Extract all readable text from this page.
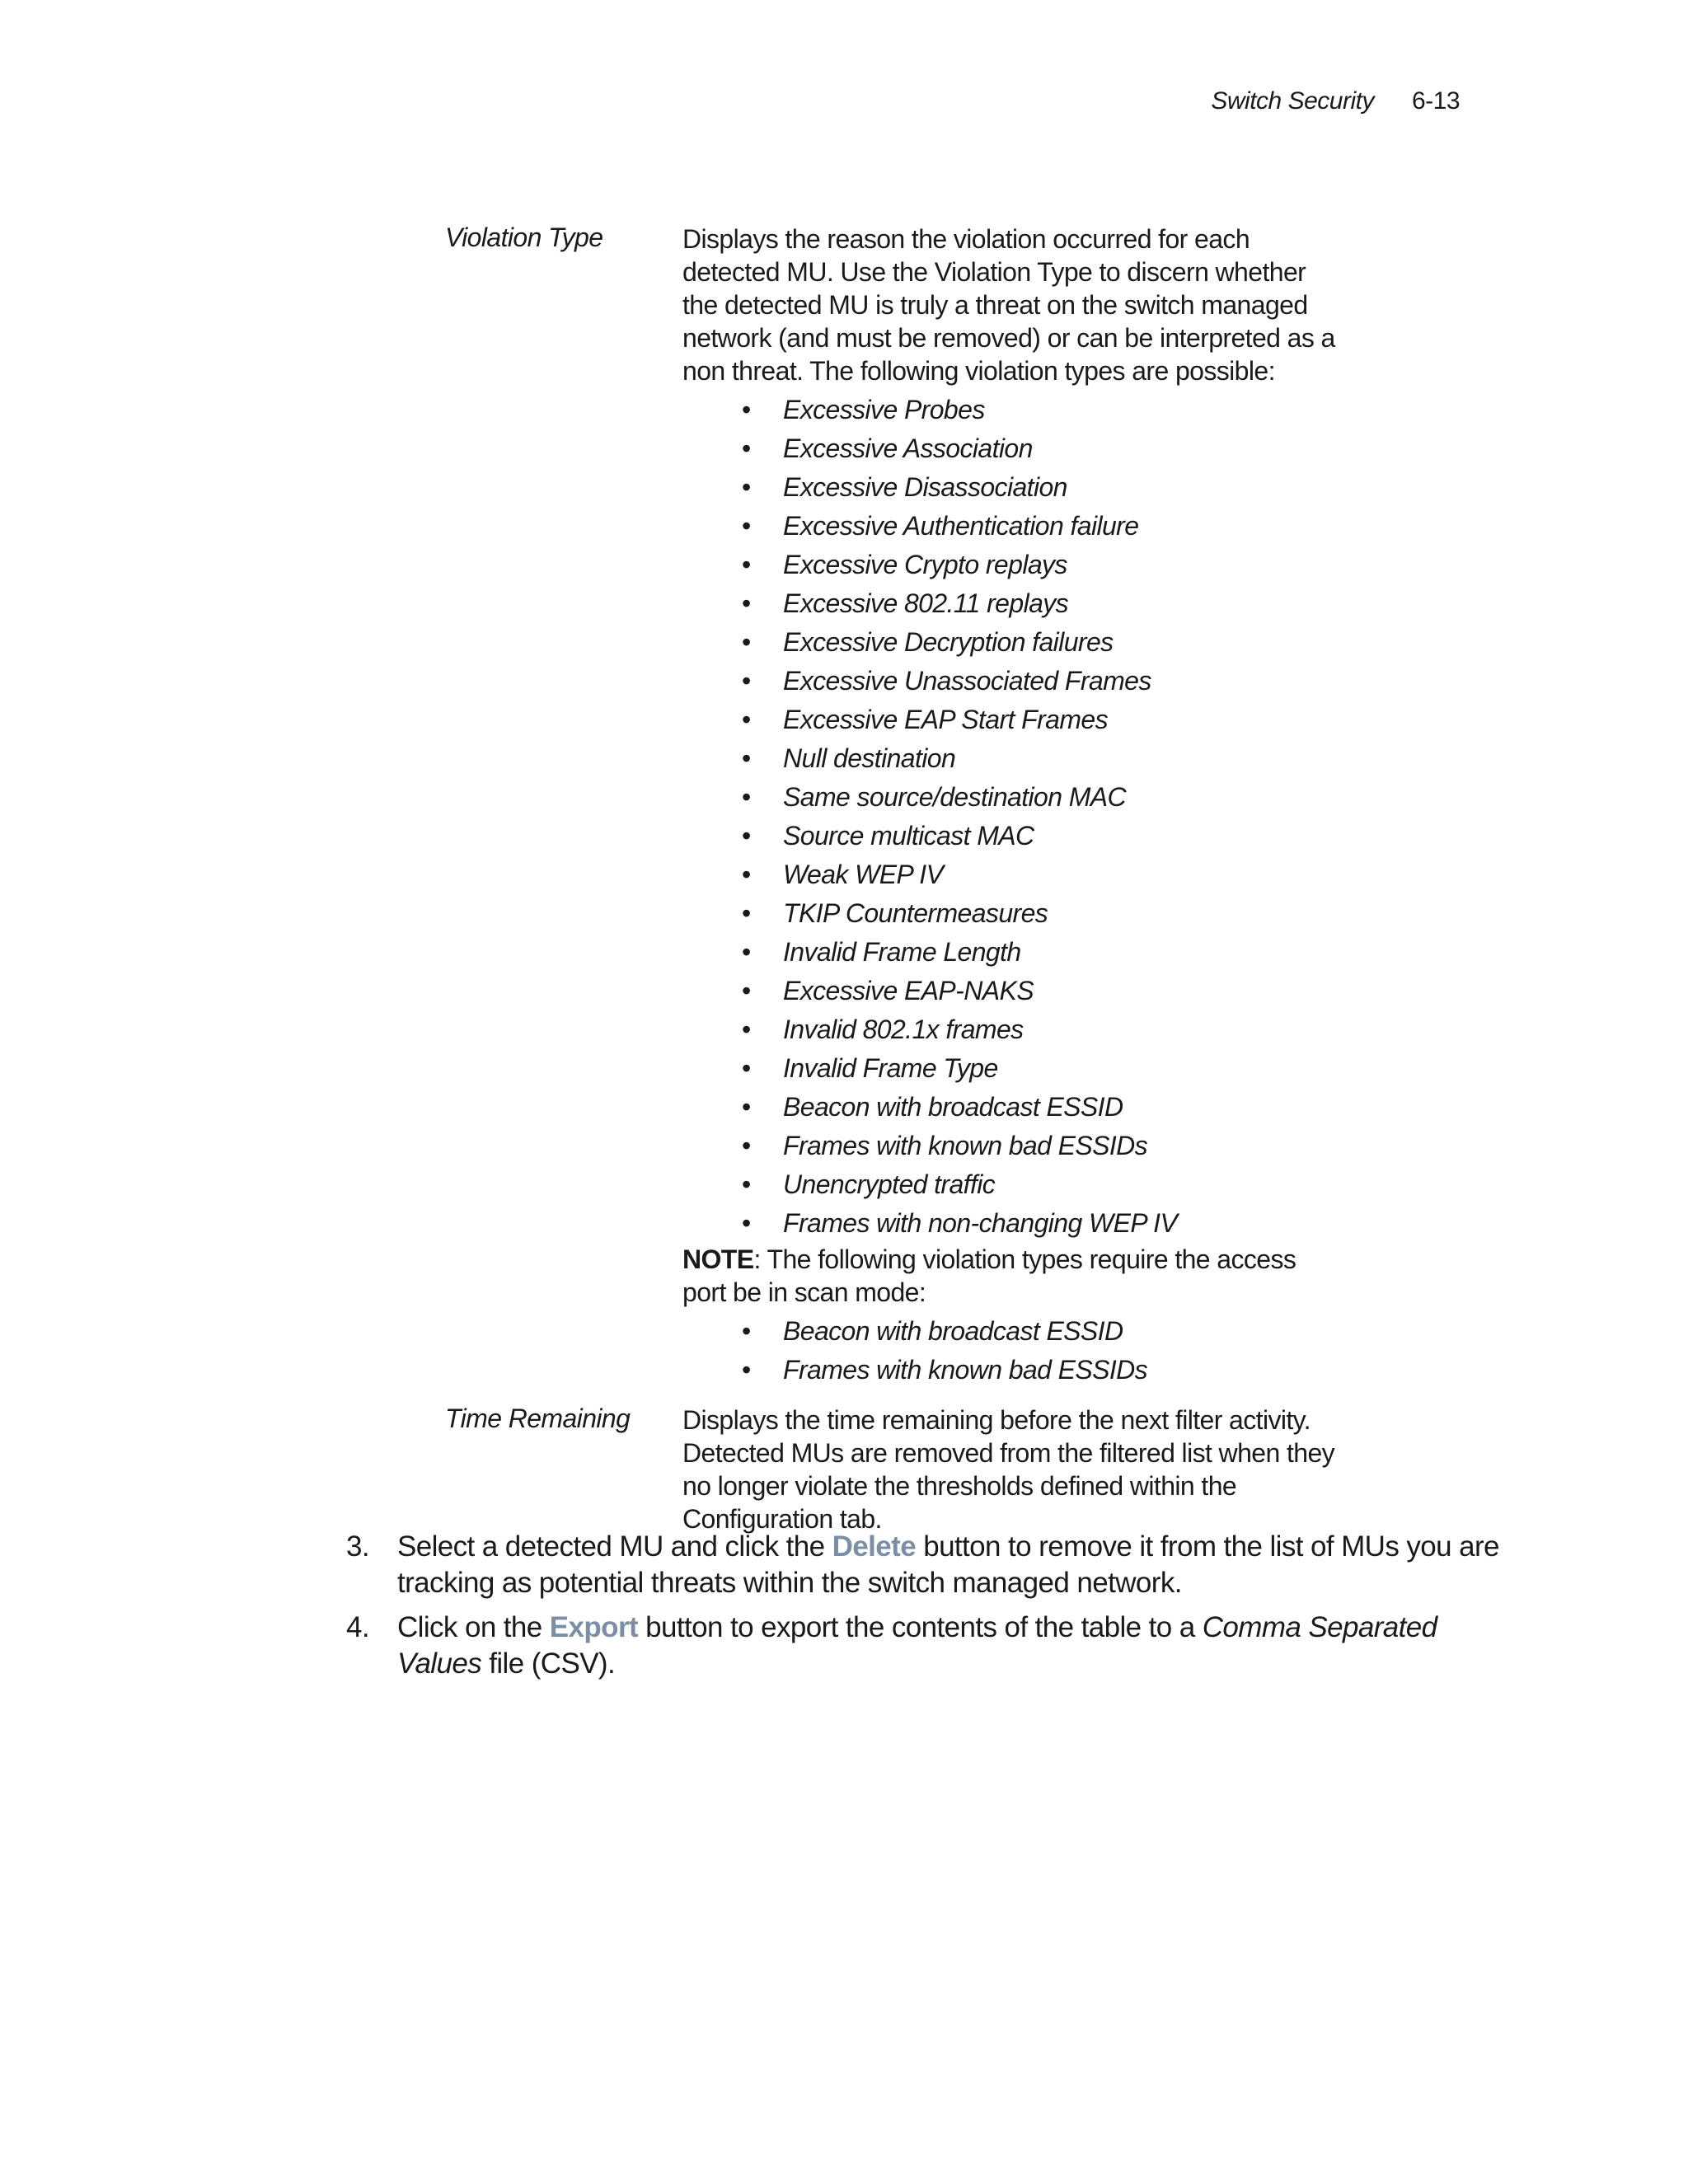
Switch Security 6-13
Violation Type	Displays the reason the violation occurred for each detected MU. Use the Violation Type to discern whether the detected MU is truly a threat on the switch managed network (and must be removed) or can be interpreted as a non threat. The following violation types are possible:

• Excessive Probes
• Excessive Association
• Excessive Disassociation
• Excessive Authentication failure
• Excessive Crypto replays
• Excessive 802.11 replays
• Excessive Decryption failures
• Excessive Unassociated Frames
• Excessive EAP Start Frames
• Null destination
• Same source/destination MAC
• Source multicast MAC
• Weak WEP IV
• TKIP Countermeasures
• Invalid Frame Length
• Excessive EAP-NAKS
• Invalid 802.1x frames
• Invalid Frame Type
• Beacon with broadcast ESSID
• Frames with known bad ESSIDs
• Unencrypted traffic
• Frames with non-changing WEP IV

NOTE: The following violation types require the access port be in scan mode:

• Beacon with broadcast ESSID
• Frames with known bad ESSIDs
Time Remaining Displays the time remaining before the next filter activity. Detected MUs are removed from the filtered list when they no longer violate the thresholds defined within the Configuration tab.

3. Select a detected MU and click the Delete button to remove it from the list of MUs you are tracking as potential threats within the switch managed network.
4. Click on the Export button to export the contents of the table to a Comma Separated Values file (CSV).
